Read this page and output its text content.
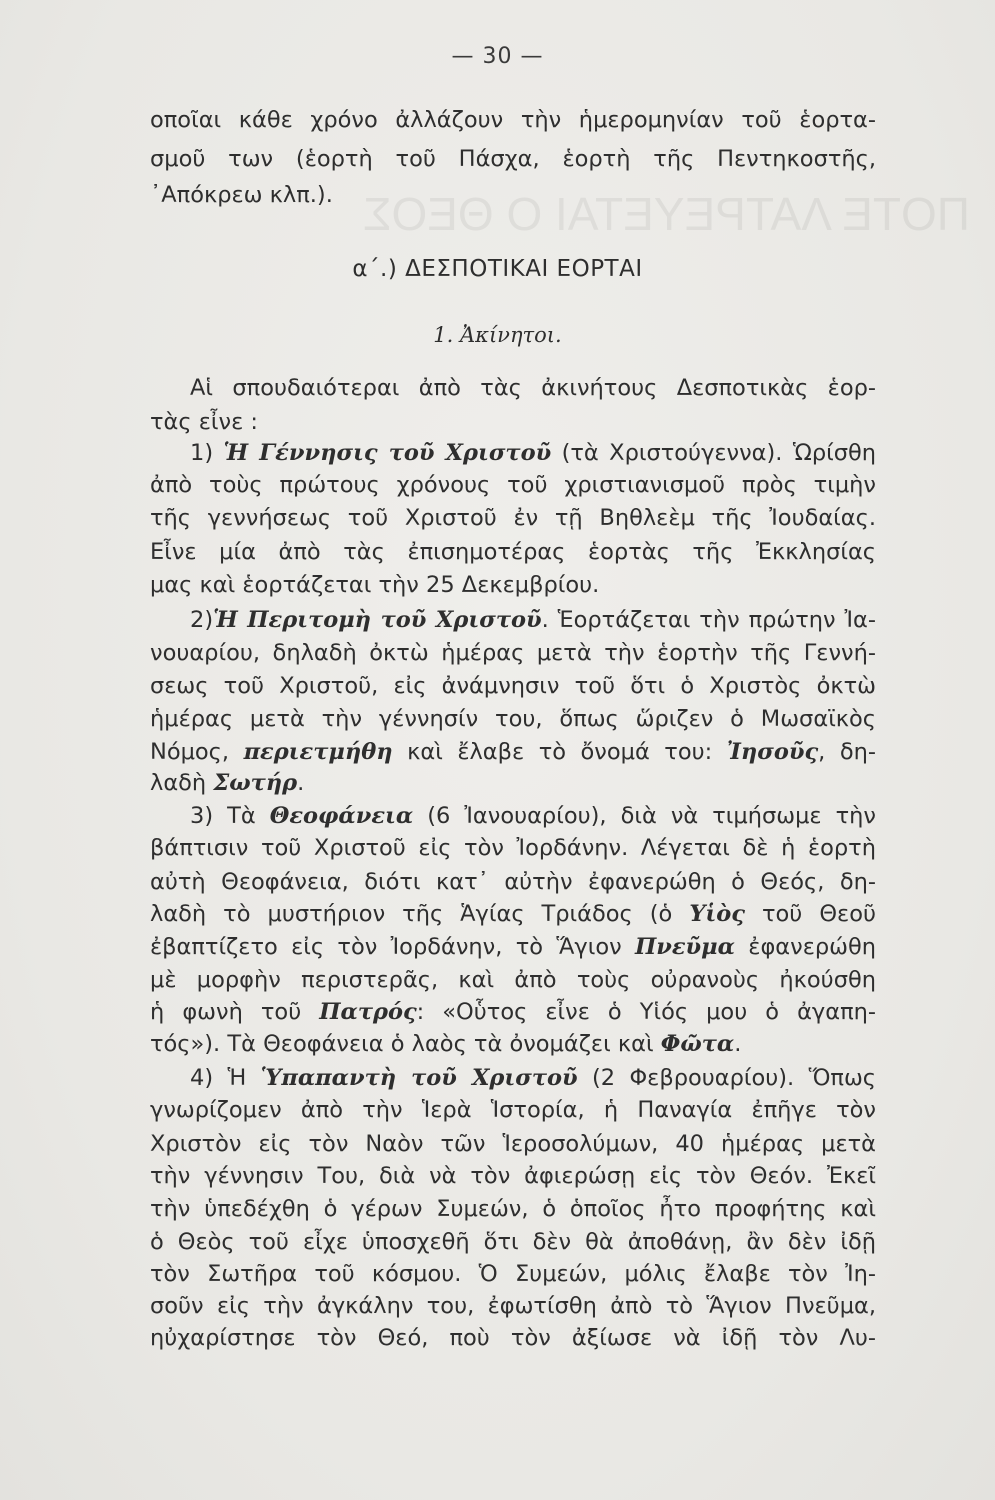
ΠΟΤΕ ΛΑΤΡΕΥΕΤΑΙ Ο ΘΕΟΣ
— 30 —
οποῖαι κάθε χρόνο ἀλλάζουν τὴν ἡμερομηνίαν τοῦ ἑορτα-
σμοῦ των (ἑορτὴ τοῦ Πάσχα, ἑορτὴ τῆς Πεντηκοστῆς,
᾽Απόκρεω κλπ.).
α΄.) ΔΕΣΠΟΤΙΚΑΙ ΕΟΡΤΑΙ
1. Ἀκίνητοι.
Αἱ σπουδαιότεραι ἀπὸ τὰς ἀκινήτους Δεσποτικὰς ἑορ-
τὰς εἶνε :
1) Ἡ Γέννησις τοῦ Χριστοῦ (τὰ Χριστούγεννα). Ὡρίσθη
ἀπὸ τοὺς πρώτους χρόνους τοῦ χριστιανισμοῦ πρὸς τιμὴν
τῆς γεννήσεως τοῦ Χριστοῦ ἐν τῇ Βηθλεὲμ τῆς Ἰουδαίας.
Εἶνε μία ἀπὸ τὰς ἐπισημοτέρας ἑορτὰς τῆς Ἐκκλησίας
μας καὶ ἑορτάζεται τὴν 25 Δεκεμβρίου.
2)Ἡ Περιτομὴ τοῦ Χριστοῦ. Ἑορτάζεται τὴν πρώτην Ἰα-
νουαρίου, δηλαδὴ ὀκτὼ ἡμέρας μετὰ τὴν ἑορτὴν τῆς Γεννή-
σεως τοῦ Χριστοῦ, εἰς ἀνάμνησιν τοῦ ὅτι ὁ Χριστὸς ὀκτὼ
ἡμέρας μετὰ τὴν γέννησίν του, ὅπως ὥριζεν ὁ Μωσαϊκὸς
Νόμος, περιετμήθη καὶ ἔλαβε τὸ ὄνομά του: Ἰησοῦς, δη-
λαδὴ Σωτήρ.
3) Τὰ Θεοφάνεια (6 Ἰανουαρίου), διὰ νὰ τιμήσωμε τὴν
βάπτισιν τοῦ Χριστοῦ εἰς τὸν Ἰορδάνην. Λέγεται δὲ ἡ ἑορτὴ
αὐτὴ Θεοφάνεια, διότι κατ᾽ αὐτὴν ἐφανερώθη ὁ Θεός, δη-
λαδὴ τὸ μυστήριον τῆς Ἁγίας Τριάδος (ὁ Υἱὸς τοῦ Θεοῦ
ἐβαπτίζετο εἰς τὸν Ἰορδάνην, τὸ Ἅγιον Πνεῦμα ἐφανερώθη
μὲ μορφὴν περιστερᾶς, καὶ ἀπὸ τοὺς οὐρανοὺς ἠκούσθη
ἡ φωνὴ τοῦ Πατρός: «Οὗτος εἶνε ὁ Υἱός μου ὁ ἀγαπη-
τός»). Τὰ Θεοφάνεια ὁ λαὸς τὰ ὀνομάζει καὶ Φῶτα.
4) Ἡ Ὑπαπαντὴ τοῦ Χριστοῦ (2 Φεβρουαρίου). Ὅπως
γνωρίζομεν ἀπὸ τὴν Ἱερὰ Ἱστορία, ἡ Παναγία ἐπῆγε τὸν
Χριστὸν εἰς τὸν Ναὸν τῶν Ἱεροσολύμων, 40 ἡμέρας μετὰ
τὴν γέννησιν Του, διὰ νὰ τὸν ἀφιερώσῃ εἰς τὸν Θεόν. Ἐκεῖ
τὴν ὑπεδέχθη ὁ γέρων Συμεών, ὁ ὁποῖος ἦτο προφήτης καὶ
ὁ Θεὸς τοῦ εἶχε ὑποσχεθῆ ὅτι δὲν θὰ ἀποθάνῃ, ἂν δὲν ἰδῇ
τὸν Σωτῆρα τοῦ κόσμου. Ὁ Συμεών, μόλις ἔλαβε τὸν Ἰη-
σοῦν εἰς τὴν ἀγκάλην του, ἐφωτίσθη ἀπὸ τὸ Ἅγιον Πνεῦμα,
ηὐχαρίστησε τὸν Θεό, ποὺ τὸν ἀξίωσε νὰ ἰδῇ τὸν Λυ-
